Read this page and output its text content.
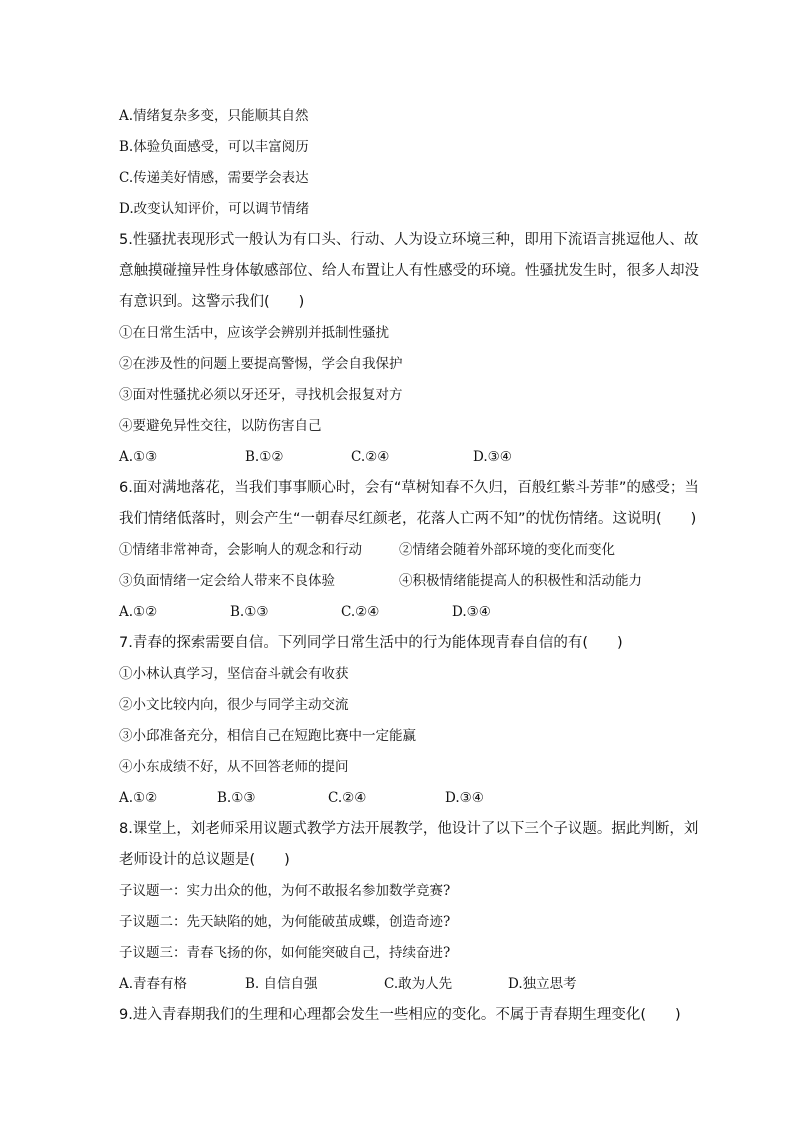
A.情绪复杂多变，只能顺其自然
B.体验负面感受，可以丰富阅历
C.传递美好情感，需要学会表达
D.改变认知评价，可以调节情绪
5.性骚扰表现形式一般认为有口头、行动、人为设立环境三种，即用下流语言挑逗他人、故
意触摸碰撞异性身体敏感部位、给人布置让人有性感受的环境。性骚扰发生时，很多人却没
有意识到。这警示我们(　　)
①在日常生活中，应该学会辨别并抵制性骚扰
②在涉及性的问题上要提高警惕，学会自我保护
③面对性骚扰必须以牙还牙，寻找机会报复对方
④要避免异性交往，以防伤害自己
A.①③	B.①②	C.②④	D.③④
6.面对满地落花，当我们事事顺心时，会有“草树知春不久归，百般红紫斗芳菲”的感受；当
我们情绪低落时，则会产生“一朝春尽红颜老，花落人亡两不知”的忧伤情绪。这说明(　　)
①情绪非常神奇，会影响人的观念和行动	②情绪会随着外部环境的变化而变化
③负面情绪一定会给人带来不良体验	④积极情绪能提高人的积极性和活动能力
A.①②	B.①③	C.②④	D.③④
7.青春的探索需要自信。下列同学日常生活中的行为能体现青春自信的有(　　)
①小林认真学习，坚信奋斗就会有收获
②小文比较内向，很少与同学主动交流
③小邱准备充分，相信自己在短跑比赛中一定能赢
④小东成绩不好，从不回答老师的提问
A.①②	B.①③	C.②④	D.③④
8.课堂上，刘老师采用议题式教学方法开展教学，他设计了以下三个子议题。据此判断，刘
老师设计的总议题是(　　)
子议题一：实力出众的他，为何不敢报名参加数学竞赛?
子议题二：先天缺陷的她，为何能破茧成蝶，创造奇迹?
子议题三：青春飞扬的你，如何能突破自己，持续奋进?
A.青春有格	B. 自信自强	C.敢为人先	D.独立思考
9.进入青春期我们的生理和心理都会发生一些相应的变化。不属于青春期生理变化(　　)
